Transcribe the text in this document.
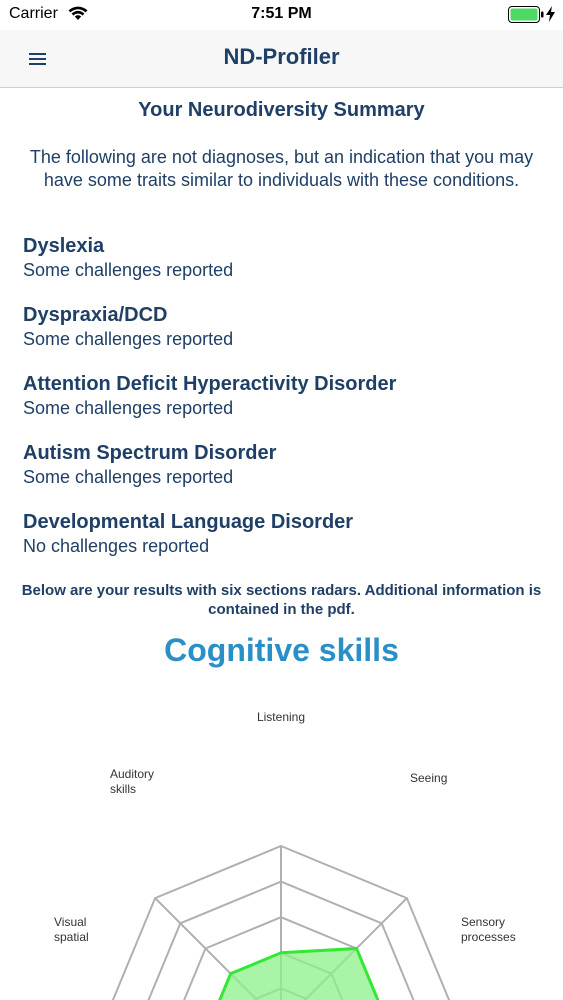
Carrier	7:51 PM
ND-Profiler
Your Neurodiversity Summary
The following are not diagnoses, but an indication that you may have some traits similar to individuals with these conditions.
Dyslexia
Some challenges reported
Dyspraxia/DCD
Some challenges reported
Attention Deficit Hyperactivity Disorder
Some challenges reported
Autism Spectrum Disorder
Some challenges reported
Developmental Language Disorder
No challenges reported
Below are your results with six sections radars. Additional information is contained in the pdf.
Cognitive skills
Listening
Seeing
Sensory
processes
Visual
spatial
Auditory
skills
